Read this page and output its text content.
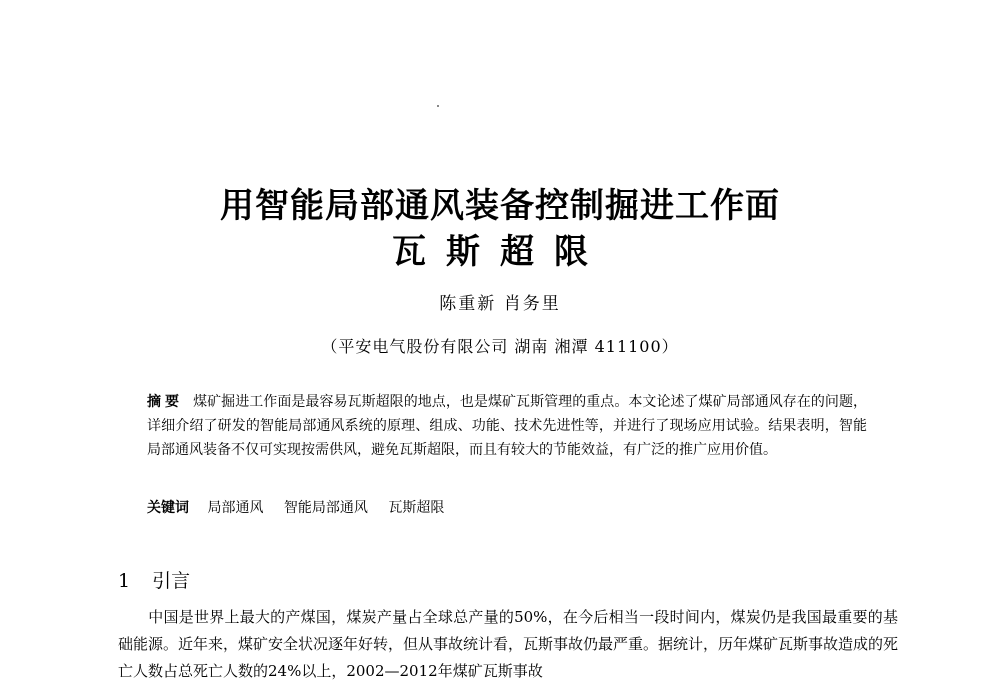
用智能局部通风装备控制掘进工作面
瓦斯超限
陈重新 肖务里
（平安电气股份有限公司 湖南 湘潭 411100）
摘要 煤矿掘进工作面是最容易瓦斯超限的地点，也是煤矿瓦斯管理的重点。本文论述了煤矿局部通风存在的问题，详细介绍了研发的智能局部通风系统的原理、组成、功能、技术先进性等，并进行了现场应用试验。结果表明，智能局部通风装备不仅可实现按需供风，避免瓦斯超限，而且有较大的节能效益，有广泛的推广应用价值。
关键词 局部通风 智能局部通风 瓦斯超限
1 引言
中国是世界上最大的产煤国，煤炭产量占全球总产量的50%，在今后相当一段时间内，煤炭仍是我国最重要的基础能源。近年来，煤矿安全状况逐年好转，但从事故统计看，瓦斯事故仍最严重。据统计，历年煤矿瓦斯事故造成的死亡人数占总死亡人数的24%以上，2002—2012年煤矿瓦斯事故
